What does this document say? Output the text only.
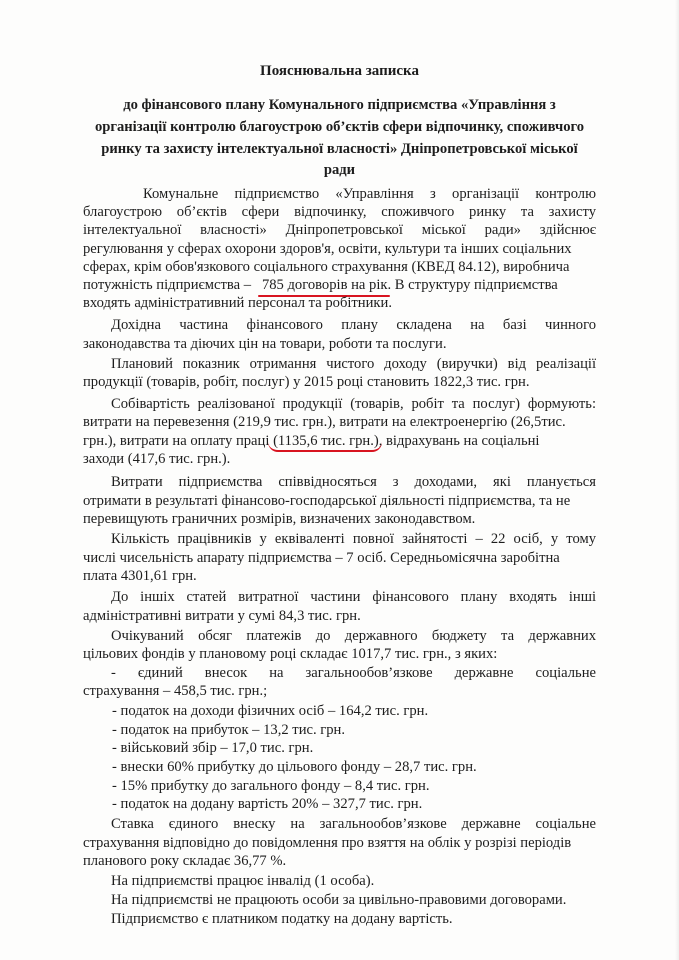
Пояснювальна записка
до фінансового плану Комунального підприємства «Управління з
організації контролю благоустрою об’єктів сфери відпочинку, споживчого
ринку та захисту інтелектуальної власності» Дніпропетровської міської
ради
Комунальне підприємство «Управління з організації контролю
благоустрою об’єктів сфери відпочинку, споживчого ринку та захисту
інтелектуальної власності» Дніпропетровської міської ради» здійснює
регулювання у сферах охорони здоров'я, освіти, культури та інших соціальних
сферах, крім обов'язкового соціального страхування (КВЕД 84.12), виробнича
потужність підприємства – 785 договорів на рік
. В структуру підприємства
входять адміністративний персонал та робітники.
Дохідна частина фінансового плану складена на базі чинного
законодавства та діючих цін на товари, роботи та послуги.
Плановий показник отримання чистого доходу (виручки) від реалізації
продукції (товарів, робіт, послуг) у 2015 році становить 1822,3 тис. грн.
Собівартість реалізованої продукції (товарів, робіт та послуг) формують:
витрати на перевезення (219,9 тис. грн.), витрати на електроенергію (26,5тис.
грн.), витрати на оплату праці (1135,6 тис. грн.)
, відрахувань на соціальні
заходи (417,6 тис. грн.).
Витрати підприємства співвідносяться з доходами, які планується
отримати в результаті фінансово-господарської діяльності підприємства, та не
перевищують граничних розмірів, визначених законодавством.
Кількість працівників у еквіваленті повної зайнятості – 22 осіб, у тому
числі чисельність апарату підприємства – 7 осіб. Середньомісячна заробітна
плата 4301,61 грн.
До іншіх статей витратної частини фінансового плану входять інші
адміністративні витрати у сумі 84,3 тис. грн.
Очікуваний обсяг платежів до державного бюджету та державних
цільових фондів у плановому році складає 1017,7 тис. грн., з яких:
- єдиний внесок на загальнообов’язкове державне соціальне
страхування – 458,5 тис. грн.;
- податок на доходи фізичних осіб – 164,2 тис. грн.
- податок на прибуток – 13,2 тис. грн.
- військовий збір – 17,0 тис. грн.
- внески 60% прибутку до цільового фонду – 28,7 тис. грн.
- 15% прибутку до загального фонду – 8,4 тис. грн.
- податок на додану вартість 20% – 327,7 тис. грн.
Ставка єдиного внеску на загальнообов’язкове державне соціальне
страхування відповідно до повідомлення про взяття на облік у розрізі періодів
планового року складає 36,77 %.
На підприємстві працює інвалід (1 особа).
На підприємстві не працюють особи за цивільно-правовими договорами.
Підприємство є платником податку на додану вартість.
